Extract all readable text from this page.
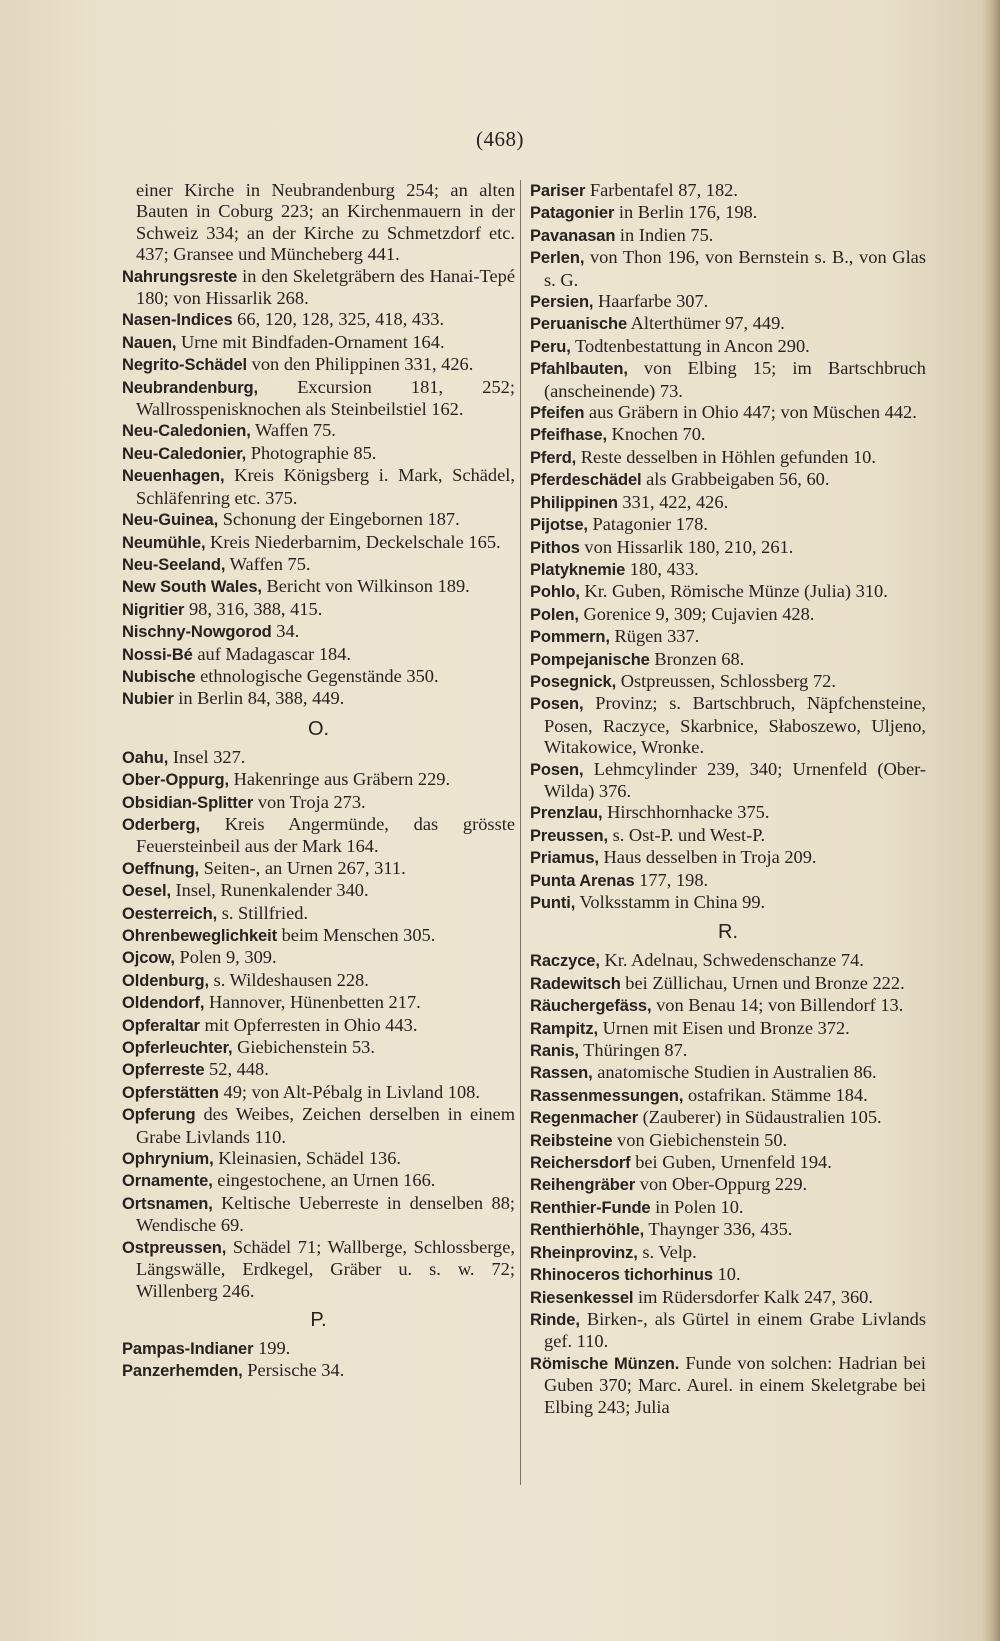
(468)

einer Kirche in Neubrandenburg 254; an alten Bauten in Coburg 223; an Kirchenmauern in der Schweiz 334; an der Kirche zu Schmetzdorf etc. 437; Gransee und Müncheberg 441.

Nahrungsreste in den Skeletgräbern des Hanai-Tepé 180; von Hissarlik 268.

Nasen-Indices 66, 120, 128, 325, 418, 433.

Nauen, Urne mit Bindfaden-Ornament 164.

Negrito-Schädel von den Philippinen 331, 426.

Neubrandenburg, Excursion 181, 252; Wallrosspenisknochen als Steinbeilstiel 162.

Neu-Caledonien, Waffen 75.

Neu-Caledonier, Photographie 85.

Neuenhagen, Kreis Königsberg i. Mark, Schädel, Schläfenring etc. 375.

Neu-Guinea, Schonung der Eingebornen 187.

Neumühle, Kreis Niederbarnim, Deckelschale 165.

Neu-Seeland, Waffen 75.

New South Wales, Bericht von Wilkinson 189.

Nigritier 98, 316, 388, 415.

Nischny-Nowgorod 34.

Nossi-Bé auf Madagascar 184.

Nubische ethnologische Gegenstände 350.

Nubier in Berlin 84, 388, 449.

O.

Oahu, Insel 327.

Ober-Oppurg, Hakenringe aus Gräbern 229.

Obsidian-Splitter von Troja 273.

Oderberg, Kreis Angermünde, das grösste Feuersteinbeil aus der Mark 164.

Oeffnung, Seiten-, an Urnen 267, 311.

Oesel, Insel, Runenkalender 340.

Oesterreich, s. Stillfried.

Ohrenbeweglichkeit beim Menschen 305.

Ojcow, Polen 9, 309.

Oldenburg, s. Wildeshausen 228.

Oldendorf, Hannover, Hünenbetten 217.

Opferaltar mit Opferresten in Ohio 443.

Opferleuchter, Giebichenstein 53.

Opferreste 52, 448.

Opferstätten 49; von Alt-Pébalg in Livland 108.

Opferung des Weibes, Zeichen derselben in einem Grabe Livlands 110.

Ophrynium, Kleinasien, Schädel 136.

Ornamente, eingestochene, an Urnen 166.

Ortsnamen, Keltische Ueberreste in denselben 88; Wendische 69.

Ostpreussen, Schädel 71; Wallberge, Schlossberge, Längswälle, Erdkegel, Gräber u. s. w. 72; Willenberg 246.

P.

Pampas-Indianer 199.

Panzerhemden, Persische 34.

Pariser Farbentafel 87, 182.

Patagonier in Berlin 176, 198.

Pavanasan in Indien 75.

Perlen, von Thon 196, von Bernstein s. B., von Glas s. G.

Persien, Haarfarbe 307.

Peruanische Alterthümer 97, 449.

Peru, Todtenbestattung in Ancon 290.

Pfahlbauten, von Elbing 15; im Bartschbruch (anscheinende) 73.

Pfeifen aus Gräbern in Ohio 447; von Müschen 442.

Pfeifhase, Knochen 70.

Pferd, Reste desselben in Höhlen gefunden 10.

Pferdeschädel als Grabbeigaben 56, 60.

Philippinen 331, 422, 426.

Pijotse, Patagonier 178.

Pithos von Hissarlik 180, 210, 261.

Platyknemie 180, 433.

Pohlo, Kr. Guben, Römische Münze (Julia) 310.

Polen, Gorenice 9, 309; Cujavien 428.

Pommern, Rügen 337.

Pompejanische Bronzen 68.

Posegnick, Ostpreussen, Schlossberg 72.

Posen, Provinz; s. Bartschbruch, Näpfchensteine, Posen, Raczyce, Skarbnice, Słaboszewo, Uljeno, Witakowice, Wronke.

Posen, Lehmcylinder 239, 340; Urnenfeld (Ober-Wilda) 376.

Prenzlau, Hirschhornhacke 375.

Preussen, s. Ost-P. und West-P.

Priamus, Haus desselben in Troja 209.

Punta Arenas 177, 198.

Punti, Volksstamm in China 99.

R.

Raczyce, Kr. Adelnau, Schwedenschanze 74.

Radewitsch bei Züllichau, Urnen und Bronze 222.

Räuchergefäss, von Benau 14; von Billendorf 13.

Rampitz, Urnen mit Eisen und Bronze 372.

Ranis, Thüringen 87.

Rassen, anatomische Studien in Australien 86.

Rassenmessungen, ostafrikan. Stämme 184.

Regenmacher (Zauberer) in Südaustralien 105.

Reibsteine von Giebichenstein 50.

Reichersdorf bei Guben, Urnenfeld 194.

Reihengräber von Ober-Oppurg 229.

Renthier-Funde in Polen 10.

Renthierhöhle, Thaynger 336, 435.

Rheinprovinz, s. Velp.

Rhinoceros tichorhinus 10.

Riesenkessel im Rüdersdorfer Kalk 247, 360.

Rinde, Birken-, als Gürtel in einem Grabe Livlands gef. 110.

Römische Münzen. Funde von solchen: Hadrian bei Guben 370; Marc. Aurel. in einem Skeletgrabe bei Elbing 243; Julia
